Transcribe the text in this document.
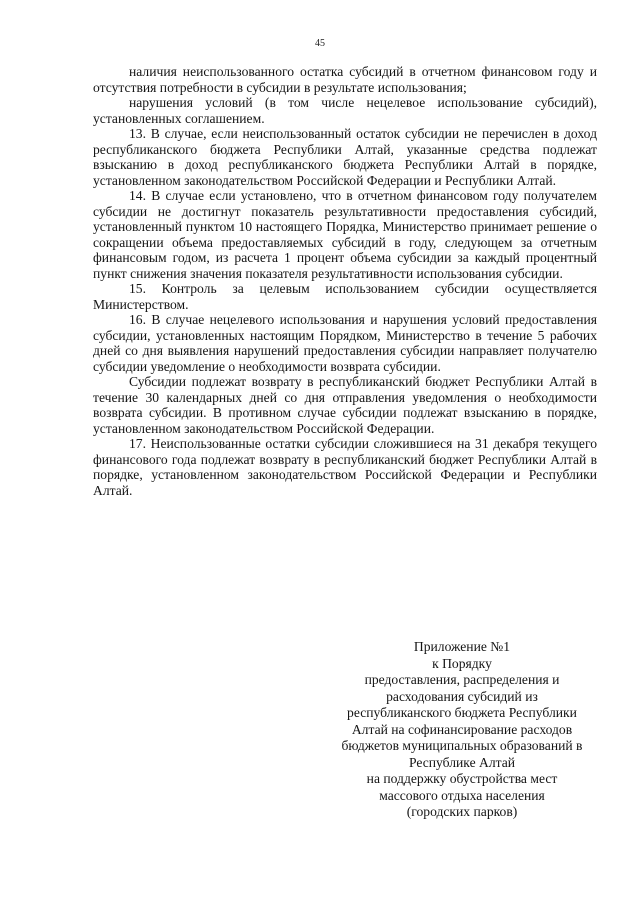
45

наличия неиспользованного остатка субсидий в отчетном финансовом году и отсутствия потребности в субсидии в результате использования;

нарушения условий (в том числе нецелевое использование субсидий), установленных соглашением.

13. В случае, если неиспользованный остаток субсидии не перечислен в доход республиканского бюджета Республики Алтай, указанные средства подлежат взысканию в доход республиканского бюджета Республики Алтай в порядке, установленном законодательством Российской Федерации и Республики Алтай.

14. В случае если установлено, что в отчетном финансовом году получателем субсидии не достигнут показатель результативности предоставления субсидий, установленный пунктом 10 настоящего Порядка, Министерство принимает решение о сокращении объема предоставляемых субсидий в году, следующем за отчетным финансовым годом, из расчета 1 процент объема субсидии за каждый процентный пункт снижения значения показателя результативности использования субсидии.

15. Контроль за целевым использованием субсидии осуществляется Министерством.

16. В случае нецелевого использования и нарушения условий предоставления субсидии, установленных настоящим Порядком, Министерство в течение 5 рабочих дней со дня выявления нарушений предоставления субсидии направляет получателю субсидии уведомление о необходимости возврата субсидии.

Субсидии подлежат возврату в республиканский бюджет Республики Алтай в течение 30 календарных дней со дня отправления уведомления о необходимости возврата субсидии. В противном случае субсидии подлежат взысканию в порядке, установленном законодательством Российской Федерации.

17. Неиспользованные остатки субсидии сложившиеся на 31 декабря текущего финансового года подлежат возврату в республиканский бюджет Республики Алтай в порядке, установленном законодательством Российской Федерации и Республики Алтай.

Приложение №1
к Порядку
предоставления, распределения и
расходования субсидий из
республиканского бюджета Республики
Алтай на софинансирование расходов
бюджетов муниципальных образований в
Республике Алтай
на поддержку обустройства мест
массового отдыха населения
(городских парков)
